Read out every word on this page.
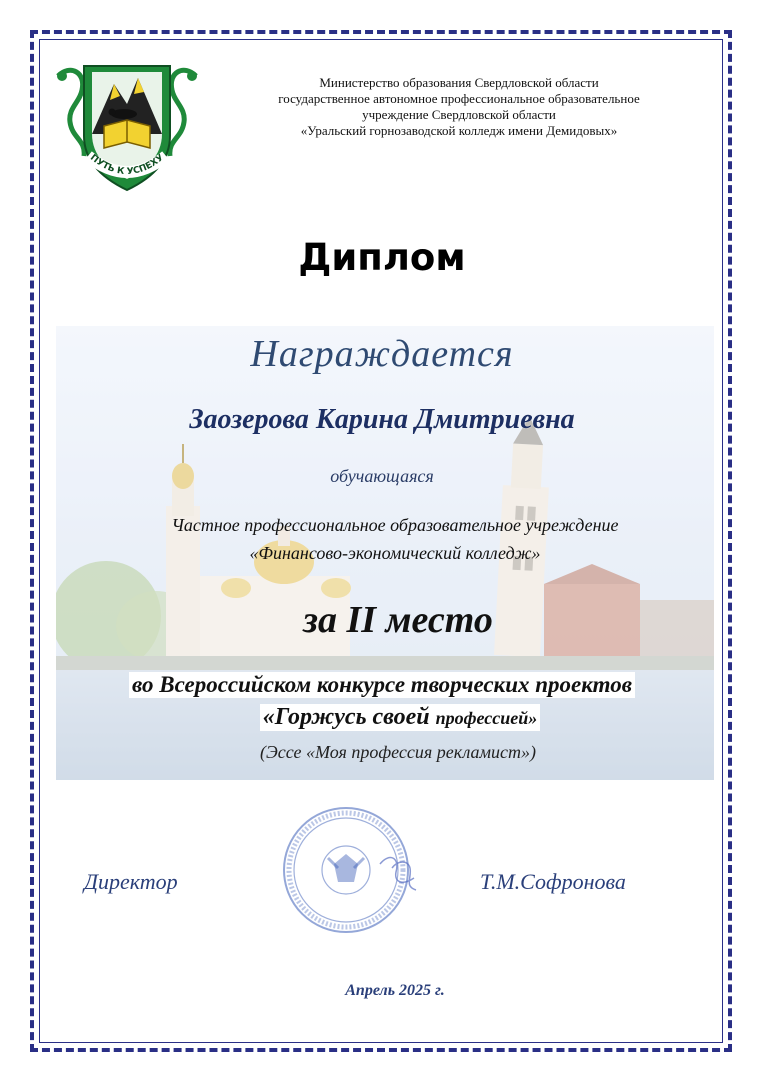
ПУТЬ К УСПЕХУ
Министерство образования Свердловской области
государственное автономное профессиональное образовательное
учреждение Свердловской области
«Уральский горнозаводской колледж имени Демидовых»
Диплом
Награждается
Заозерова Карина Дмитриевна
обучающаяся
Частное профессиональное образовательное учреждение
«Финансово-экономический колледж»
за II место
во Всероссийском конкурсе творческих проектов
«Горжусь своей профессией»
(Эссе «Моя профессия рекламист»)
Директор	Т.М.Софронова
Апрель 2025 г.
